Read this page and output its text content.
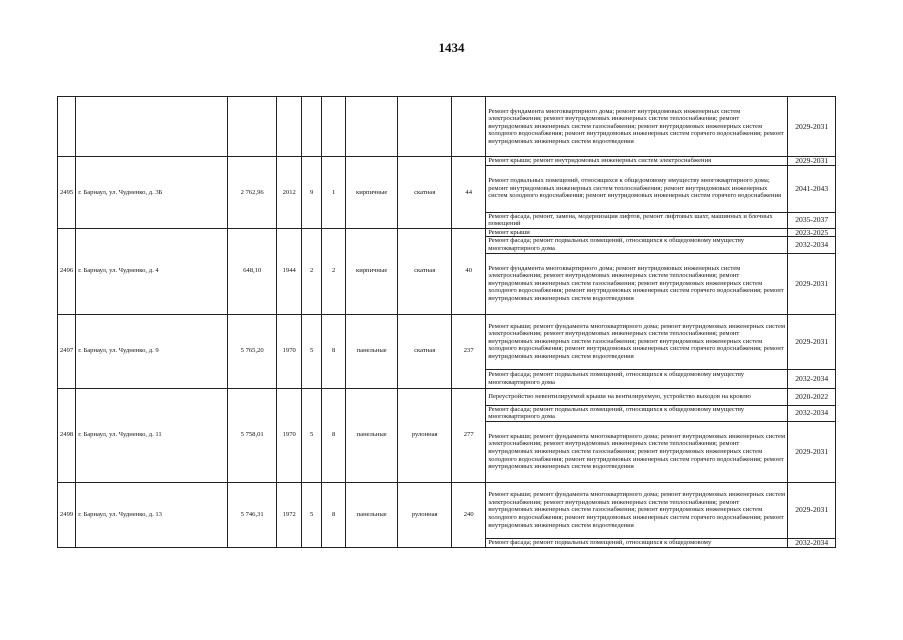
1434
									Ремонт фундамента многоквартирного дома; ремонт внутридомовых инженерных систем электроснабжения; ремонт внутридомовых инженерных систем теплоснабжения; ремонт внутридомовых инженерных систем газоснабжения; ремонт внутридомовых инженерных систем холодного водоснабжения; ремонт внутридомовых инженерных систем горячего водоснабжения; ремонт внутридомовых инженерных систем водоотведения	2029-2031
2495	г. Барнаул, ул. Чудненко, д. 3Б	2 762,96	2012	9	1	кирпичные	скатная	44	Ремонт крыши; ремонт внутридомовых инженерных систем электроснабжения	2029-2031
									Ремонт подвальных помещений, относящихся к общедомовому имуществу многоквартирного дома; ремонт внутридомовых инженерных систем теплоснабжения; ремонт внутридомовых инженерных систем холодного водоснабжения; ремонт внутридомовых инженерных систем горячего водоснабжения	2041-2043
									Ремонт фасада, ремонт, замена, модернизация лифтов, ремонт лифтовых шахт, машинных и блочных помещений	2035-2037
2496	г. Барнаул, ул. Чудненко, д. 4	648,10	1944	2	2	кирпичные	скатная	40	Ремонт крыши	2023-2025
									Ремонт фасада; ремонт подвальных помещений, относящихся к общедомовому имуществу многоквартирного дома	2032-2034
									Ремонт фундамента многоквартирного дома; ремонт внутридомовых инженерных систем электроснабжения; ремонт внутридомовых инженерных систем теплоснабжения; ремонт внутридомовых инженерных систем газоснабжения; ремонт внутридомовых инженерных систем холодного водоснабжения; ремонт внутридомовых инженерных систем горячего водоснабжения; ремонт внутридомовых инженерных систем водоотведения	2029-2031
2497	г. Барнаул, ул. Чудненко, д. 9	5 765,20	1970	5	8	панельные	скатная	237	Ремонт крыши; ремонт фундамента многоквартирного дома; ремонт внутридомовых инженерных систем электроснабжения; ремонт внутридомовых инженерных систем теплоснабжения; ремонт внутридомовых инженерных систем газоснабжения; ремонт внутридомовых инженерных систем холодного водоснабжения; ремонт внутридомовых инженерных систем горячего водоснабжения; ремонт внутридомовых инженерных систем водоотведения	2029-2031
									Ремонт фасада; ремонт подвальных помещений, относящихся к общедомовому имуществу многоквартирного дома	2032-2034
2498	г. Барнаул, ул. Чудненко, д. 11	5 758,01	1970	5	8	панельные	рулонная	277	Переустройство невентилируемой крыши на вентилируемую, устройство выходов на кровлю	2020-2022
									Ремонт фасада; ремонт подвальных помещений, относящихся к общедомовому имуществу многоквартирного дома	2032-2034
									Ремонт крыши; ремонт фундамента многоквартирного дома; ремонт внутридомовых инженерных систем электроснабжения; ремонт внутридомовых инженерных систем теплоснабжения; ремонт внутридомовых инженерных систем газоснабжения; ремонт внутридомовых инженерных систем холодного водоснабжения; ремонт внутридомовых инженерных систем горячего водоснабжения; ремонт внутридомовых инженерных систем водоотведения	2029-2031
2499	г. Барнаул, ул. Чудненко, д. 13	5 746,31	1972	5	8	панельные	рулонная	240	Ремонт крыши; ремонт фундамента многоквартирного дома; ремонт внутридомовых инженерных систем электроснабжения; ремонт внутридомовых инженерных систем теплоснабжения; ремонт внутридомовых инженерных систем газоснабжения; ремонт внутридомовых инженерных систем холодного водоснабжения; ремонт внутридомовых инженерных систем горячего водоснабжения; ремонт внутридомовых инженерных систем водоотведения	2029-2031
									Ремонт фасада; ремонт подвальных помещений, относящихся к общедомовому	2032-2034
